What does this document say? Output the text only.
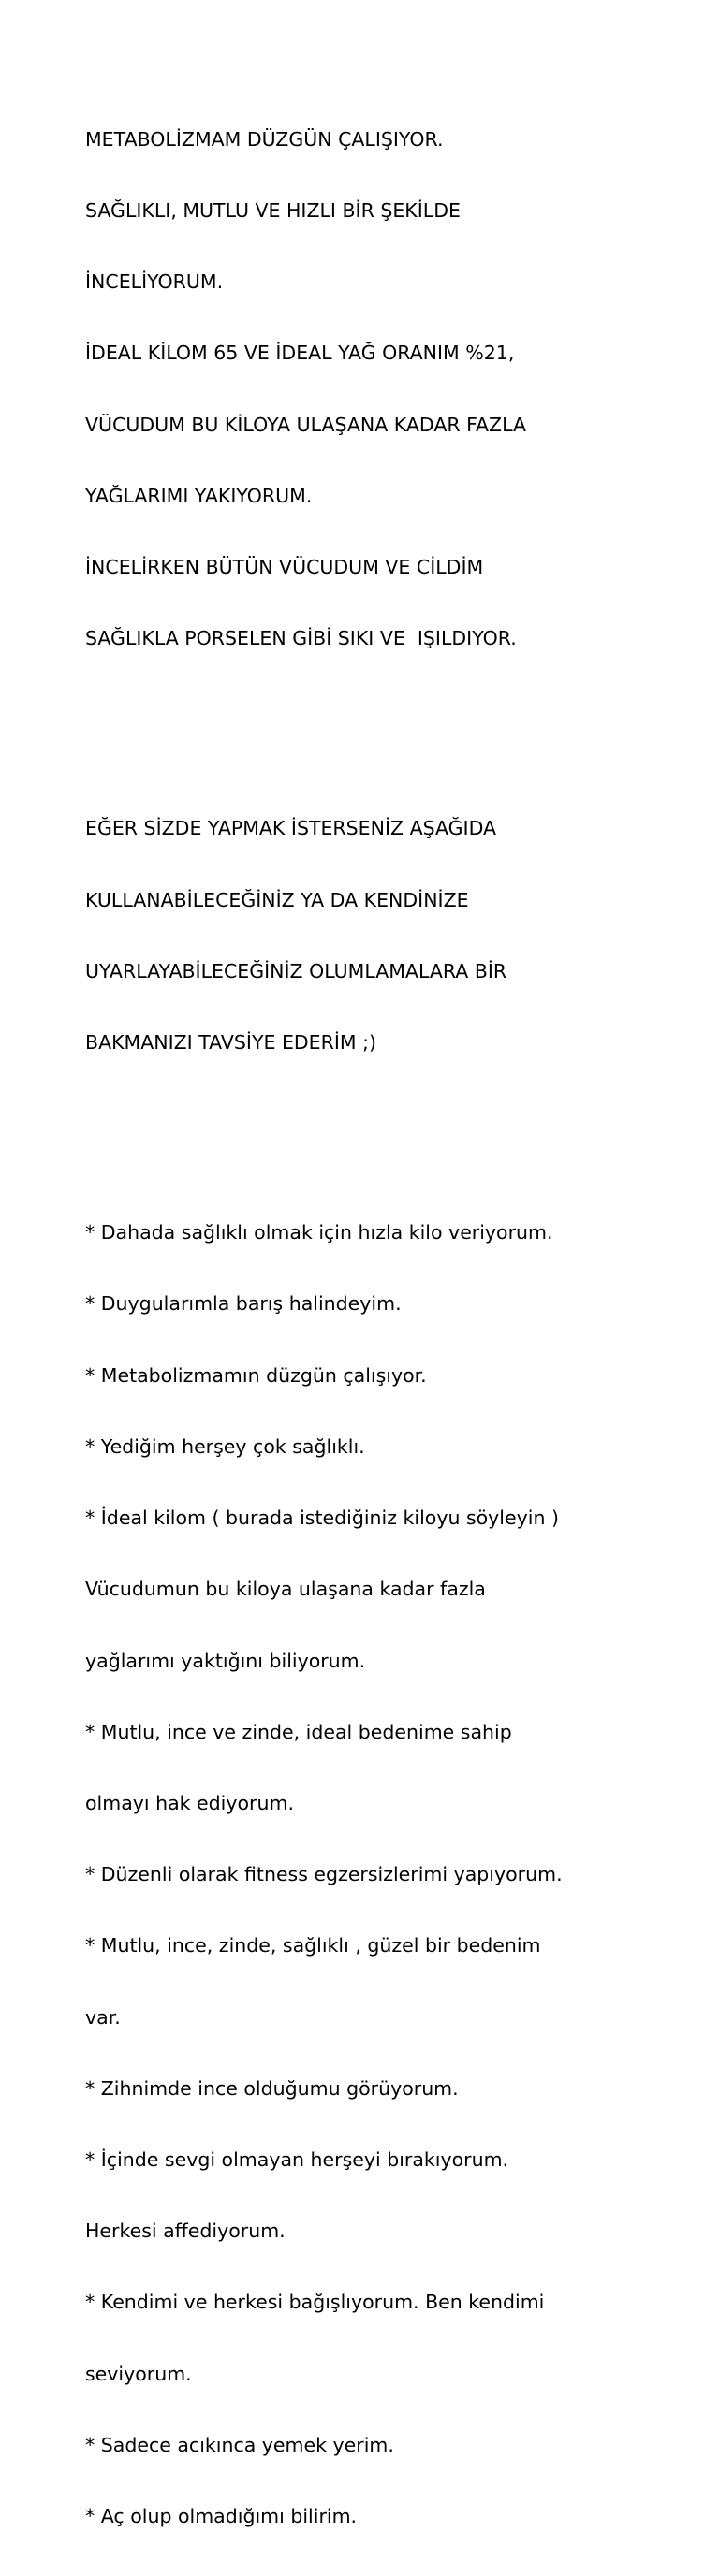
METABOLİZMAM DÜZGÜN ÇALIŞIYOR.

SAĞLIKLI, MUTLU VE HIZLI BİR ŞEKİLDE

İNCELİYORUM.

İDEAL KİLOM 65 VE İDEAL YAĞ ORANIM %21,

VÜCUDUM BU KİLOYA ULAŞANA KADAR FAZLA

YAĞLARIMI YAKIYORUM.

İNCELİRKEN BÜTÜN VÜCUDUM VE CİLDİM

SAĞLIKLA PORSELEN GİBİ SIKI VE  IŞILDIYOR.

EĞER SİZDE YAPMAK İSTERSENİZ AŞAĞIDA

KULLANABİLECEĞİNİZ YA DA KENDİNİZE

UYARLAYABİLECEĞİNİZ OLUMLAMALARA BİR

BAKMANIZI TAVSİYE EDERİM ;)

* Dahada sağlıklı olmak için hızla kilo veriyorum.

* Duygularımla barış halindeyim.

* Metabolizmamın düzgün çalışıyor.

* Yediğim herşey çok sağlıklı.

* İdeal kilom ( burada istediğiniz kiloyu söyleyin )

Vücudumun bu kiloya ulaşana kadar fazla

yağlarımı yaktığını biliyorum.

* Mutlu, ince ve zinde, ideal bedenime sahip

olmayı hak ediyorum.

* Düzenli olarak fitness egzersizlerimi yapıyorum.

* Mutlu, ince, zinde, sağlıklı , güzel bir bedenim

var.

* Zihnimde ince olduğumu görüyorum.

* İçinde sevgi olmayan herşeyi bırakıyorum.

Herkesi affediyorum.

* Kendimi ve herkesi bağışlıyorum. Ben kendimi

seviyorum.

* Sadece acıkınca yemek yerim.

* Aç olup olmadığımı bilirim.
